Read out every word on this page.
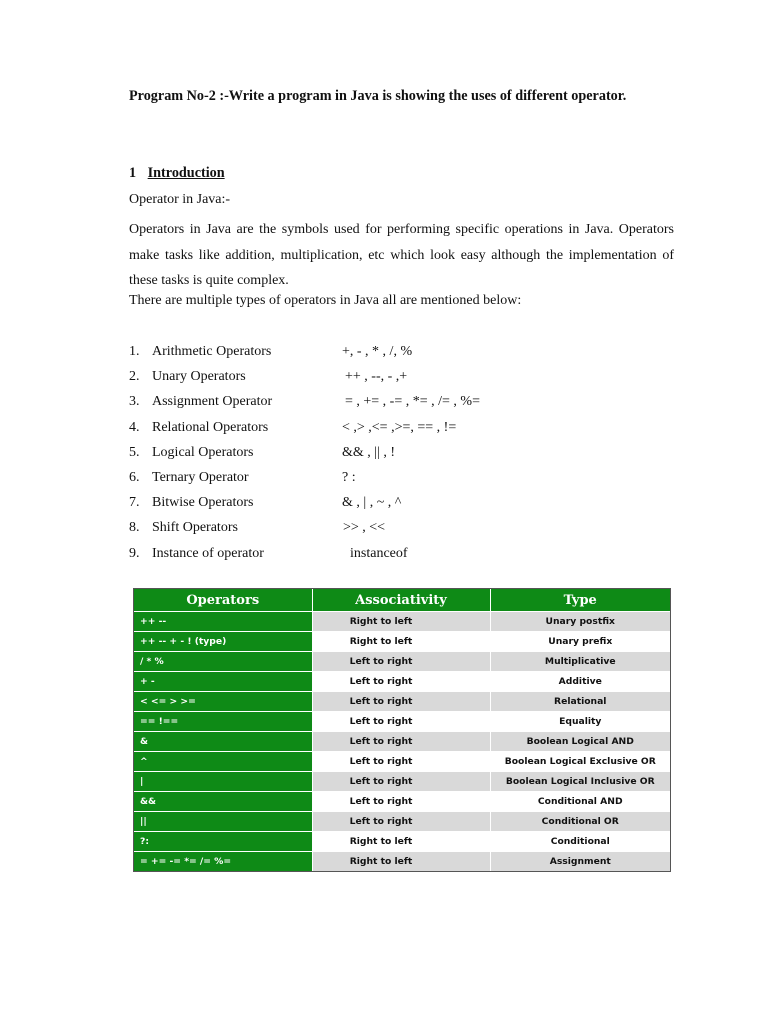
Program No-2 :-Write a program in Java is showing the uses of different operator.
1 Introduction
Operator in Java:-

Operators in Java are the symbols used for performing specific operations in Java. Operators make tasks like addition, multiplication, etc which look easy although the implementation of these tasks is quite complex.

There are multiple types of operators in Java all are mentioned below:
1. Arithmetic Operators	+, - , * , /, %
2. Unary Operators	++ , --, - ,+
3. Assignment Operator	= , += , -= , *= , /= , %=
4. Relational Operators	< ,> ,<= ,>=, == , !=
5. Logical Operators	&& , || , !
6. Ternary Operator	? :
7. Bitwise Operators	& , | , ~ , ^
8. Shift Operators	>> , <<
9. Instance of operator	instanceof
Operators	Associativity	Type
++ --	Right to left	Unary postfix
++ -- + - ! (type)	Right to left	Unary prefix
/ * %	Left to right	Multiplicative
+ -	Left to right	Additive
< <= > >=	Left to right	Relational
== !==	Left to right	Equality
&	Left to right	Boolean Logical AND
^	Left to right	Boolean Logical Exclusive OR
|	Left to right	Boolean Logical Inclusive OR
&&	Left to right	Conditional AND
||	Left to right	Conditional OR
?:	Right to left	Conditional
= += -= *= /= %=	Right to left	Assignment
